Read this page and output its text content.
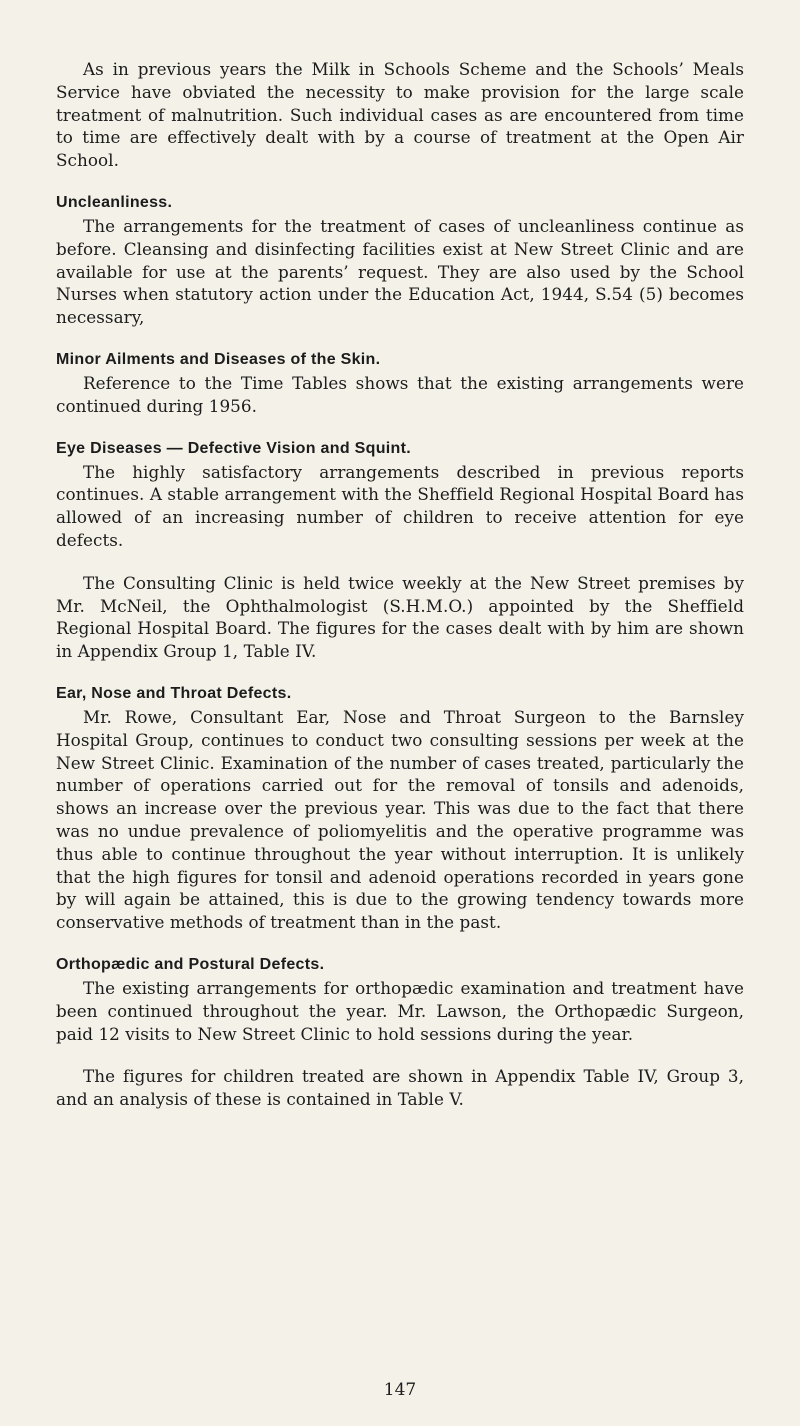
As in previous years the Milk in Schools Scheme and the Schools’ Meals Service have obviated the necessity to make provision for the large scale treatment of malnutrition. Such individual cases as are encountered from time to time are effectively dealt with by a course of treatment at the Open Air School.

Uncleanliness.

The arrangements for the treatment of cases of uncleanliness continue as before. Cleansing and disinfecting facilities exist at New Street Clinic and are available for use at the parents’ request. They are also used by the School Nurses when statutory action under the Education Act, 1944, S.54 (5) becomes necessary,

Minor Ailments and Diseases of the Skin.

Reference to the Time Tables shows that the existing arrangements were continued during 1956.

Eye Diseases — Defective Vision and Squint.

The highly satisfactory arrangements described in previous reports continues. A stable arrangement with the Sheffield Regional Hospital Board has allowed of an increasing number of children to receive attention for eye defects.

The Consulting Clinic is held twice weekly at the New Street premises by Mr. McNeil, the Ophthalmologist (S.H.M.O.) appointed by the Sheffield Regional Hospital Board. The figures for the cases dealt with by him are shown in Appendix Group 1, Table IV.

Ear, Nose and Throat Defects.

Mr. Rowe, Consultant Ear, Nose and Throat Surgeon to the Barnsley Hospital Group, continues to conduct two consulting sessions per week at the New Street Clinic. Examination of the number of cases treated, particularly the number of operations carried out for the removal of tonsils and adenoids, shows an increase over the previous year. This was due to the fact that there was no undue prevalence of poliomyelitis and the operative programme was thus able to continue throughout the year without interruption. It is unlikely that the high figures for tonsil and adenoid operations recorded in years gone by will again be attained, this is due to the growing tendency towards more conservative methods of treatment than in the past.

Orthopædic and Postural Defects.

The existing arrangements for orthopædic examination and treatment have been continued throughout the year. Mr. Lawson, the Orthopædic Surgeon, paid 12 visits to New Street Clinic to hold sessions during the year.

The figures for children treated are shown in Appendix Table IV, Group 3, and an analysis of these is contained in Table V.

147
